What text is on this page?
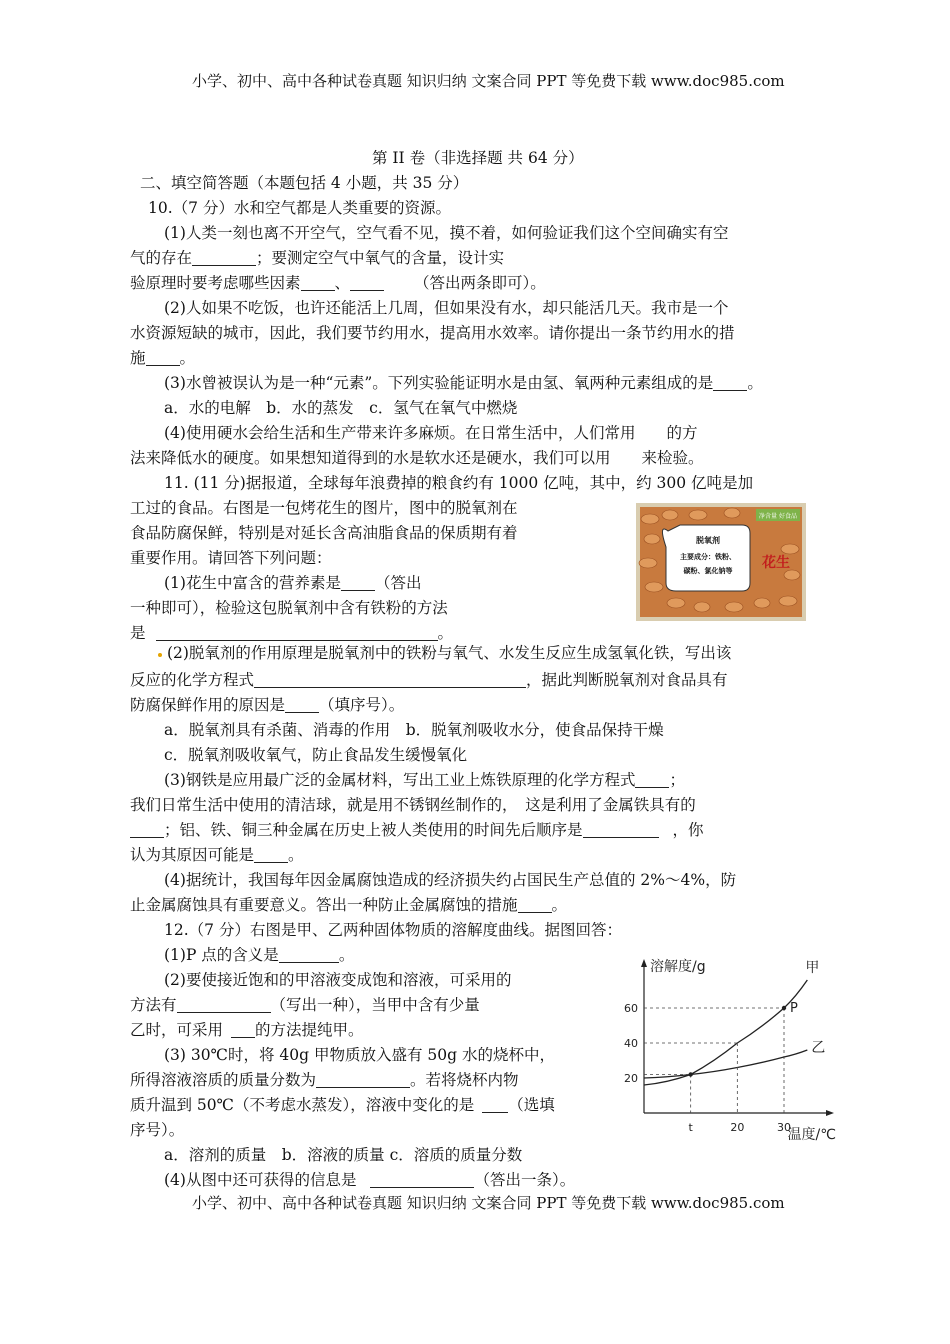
小学、初中、高中各种试卷真题 知识归纳 文案合同 PPT 等免费下载 www.doc985.com
第 II 卷（非选择题 共 64 分）
二、填空简答题（本题包括 4 小题，共 35 分）
10.（7 分）水和空气都是人类重要的资源。
(1)人类一刻也离不开空气，空气看不见，摸不着，如何验证我们这个空间确实有空
气的存在	；要测定空气中氧气的含量，设计实
验原理时要考虑哪些因素 、	（答出两条即可）。
(2)人如果不吃饭，也许还能活上几周，但如果没有水，却只能活几天。我市是一个
水资源短缺的城市，因此，我们要节约用水，提高用水效率。请你提出一条节约用水的措
施 。
(3)水曾被误认为是一种“元素”。下列实验能证明水是由氢、氧两种元素组成的是 。
a．水的电解　b．水的蒸发　c．氢气在氧气中燃烧
(4)使用硬水会给生活和生产带来许多麻烦。在日常生活中，人们常用　　的方
法来降低水的硬度。如果想知道得到的水是软水还是硬水，我们可以用　　来检验。
11. (11 分)据报道，全球每年浪费掉的粮食约有 1000 亿吨，其中，约 300 亿吨是加
工过的食品。右图是一包烤花生的图片，图中的脱氧剂在
食品防腐保鲜，特别是对延长含高油脂食品的保质期有着
重要作用。请回答下列问题：
(1)花生中富含的营养素是 （答出
一种即可），检验这包脱氧剂中含有铁粉的方法
是	。
净含量 好食品
脱氧剂
主要成分：铁粉、
碳粉、氯化钠等 花生
(2)脱氧剂的作用原理是脱氧剂中的铁粉与氧气、水发生反应生成氢氧化铁，写出该
反应的化学方程式	，据此判断脱氧剂对食品具有
防腐保鲜作用的原因是 （填序号）。
a．脱氧剂具有杀菌、消毒的作用　b．脱氧剂吸收水分，使食品保持干燥
c．脱氧剂吸收氧气，防止食品发生缓慢氧化
(3)钢铁是应用最广泛的金属材料，写出工业上炼铁原理的化学方程式 ；
我们日常生活中使用的清洁球，就是用不锈钢丝制作的，　这是利用了金属铁具有的
；铝、铁、铜三种金属在历史上被人类使用的时间先后顺序是	，你
认为其原因可能是 。
(4)据统计，我国每年因金属腐蚀造成的经济损失约占国民生产总值的 2%～4%，防
止金属腐蚀具有重要意义。答出一种防止金属腐蚀的措施 。
12.（7 分）右图是甲、乙两种固体物质的溶解度曲线。据图回答：
(1)P 点的含义是	。
(2)要使接近饱和的甲溶液变成饱和溶液，可采用的
方法有	（写出一种），当甲中含有少量
乙时，可采用 的方法提纯甲。
(3) 30℃时，将 40g 甲物质放入盛有 50g 水的烧杯中，
所得溶液溶质的质量分数为	。若将烧杯内物
质升温到 50℃（不考虑水蒸发），溶液中变化的是 （选填
序号）。
a．溶剂的质量　b．溶液的质量 c．溶质的质量分数
(4)从图中还可获得的信息是	（答出一条）。
小学、初中、高中各种试卷真题 知识归纳 文案合同 PPT 等免费下载 www.doc985.com
20
40
60
t	20	30
甲
乙
P
溶解度/g
温度/℃
